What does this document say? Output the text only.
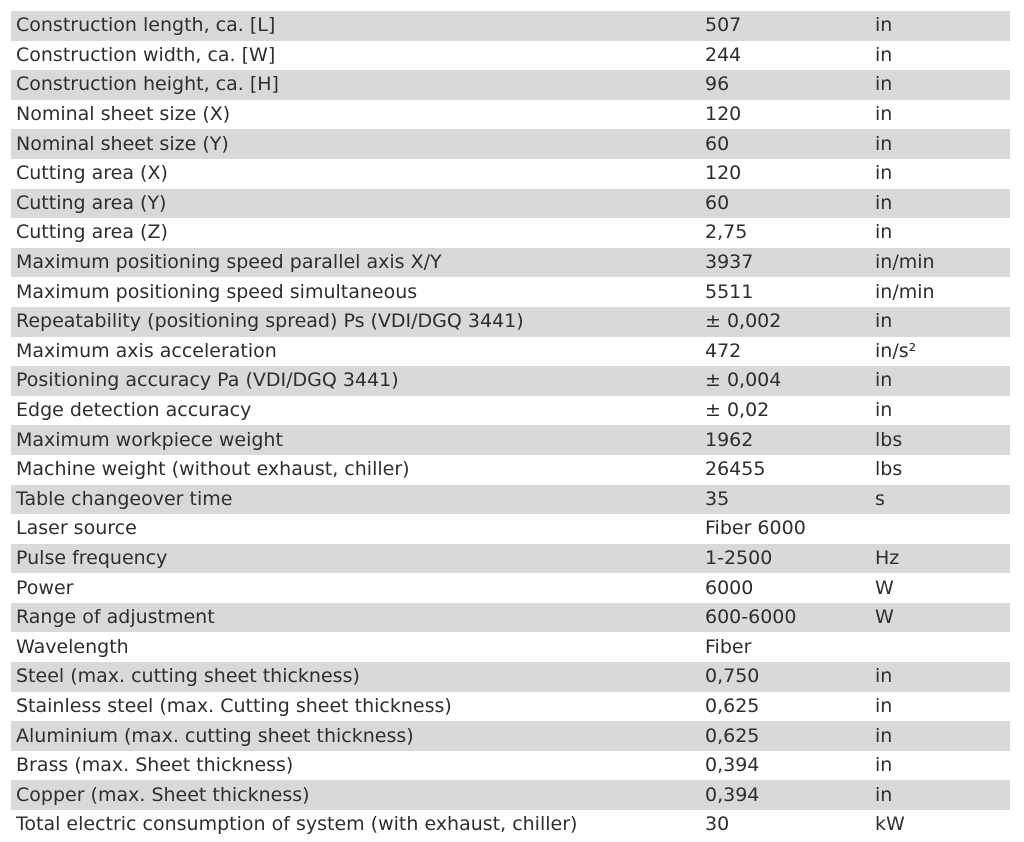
Construction length, ca. [L]	507	in
Construction width, ca. [W]	244	in
Construction height, ca. [H]	96	in
Nominal sheet size (X)	120	in
Nominal sheet size (Y)	60	in
Cutting area (X)	120	in
Cutting area (Y)	60	in
Cutting area (Z)	2,75	in
Maximum positioning speed parallel axis X/Y	3937	in/min
Maximum positioning speed simultaneous	5511	in/min
Repeatability (positioning spread) Ps (VDI/DGQ 3441)	± 0,002	in
Maximum axis acceleration	472	in/s²
Positioning accuracy Pa (VDI/DGQ 3441)	± 0,004	in
Edge detection accuracy	± 0,02	in
Maximum workpiece weight	1962	lbs
Machine weight (without exhaust, chiller)	26455	lbs
Table changeover time	35	s
Laser source	Fiber 6000	
Pulse frequency	1-2500	Hz
Power	6000	W
Range of adjustment	600-6000	W
Wavelength	Fiber	
Steel (max. cutting sheet thickness)	0,750	in
Stainless steel (max. Cutting sheet thickness)	0,625	in
Aluminium (max. cutting sheet thickness)	0,625	in
Brass (max. Sheet thickness)	0,394	in
Copper (max. Sheet thickness)	0,394	in
Total electric consumption of system (with exhaust, chiller)	30	kW
